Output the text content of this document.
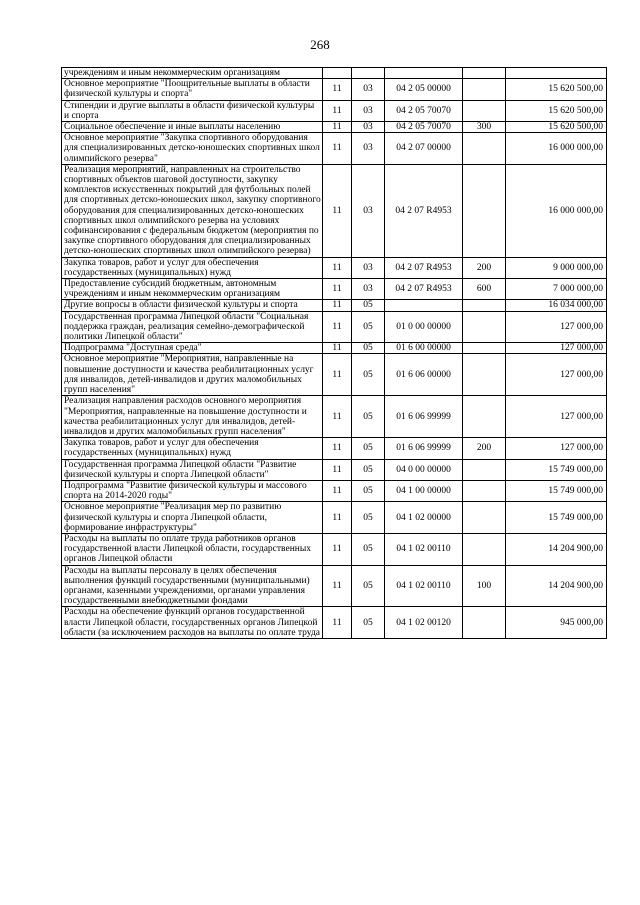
268
учреждениям и иным некоммерческим организациям					
Основное мероприятие "Поощрительные выплаты в области физической культуры и спорта"	11	03	04 2 05 00000		15 620 500,00
Стипендии и другие выплаты в области физической культуры и спорта	11	03	04 2 05 70070		15 620 500,00
Социальное обеспечение и иные выплаты населению	11	03	04 2 05 70070	300	15 620 500,00
Основное мероприятие "Закупка спортивного оборудования для специализированных детско-юношеских спортивных школ олимпийского резерва"	11	03	04 2 07 00000		16 000 000,00
Реализация мероприятий, направленных на строительство спортивных объектов шаговой доступности, закупку комплектов искусственных покрытий для футбольных полей для спортивных детско-юношеских школ, закупку спортивного оборудования для специализированных детско-юношеских спортивных школ олимпийского резерва на условиях софинансирования с федеральным бюджетом (мероприятия по закупке спортивного оборудования для специализированных детско-юношеских спортивных школ олимпийского резерва)	11	03	04 2 07 R4953		16 000 000,00
Закупка товаров, работ и услуг для обеспечения государственных (муниципальных) нужд	11	03	04 2 07 R4953	200	9 000 000,00
Предоставление субсидий бюджетным, автономным учреждениям и иным некоммерческим организациям	11	03	04 2 07 R4953	600	7 000 000,00
Другие вопросы в области физической культуры и спорта	11	05			16 034 000,00
Государственная программа Липецкой области "Социальная поддержка граждан, реализация семейно-демографической политики Липецкой области"	11	05	01 0 00 00000		127 000,00
Подпрограмма "Доступная среда"	11	05	01 6 00 00000		127 000,00
Основное мероприятие "Мероприятия, направленные на повышение доступности и качества реабилитационных услуг для инвалидов, детей-инвалидов и других маломобильных групп населения"	11	05	01 6 06 00000		127 000,00
Реализация направления расходов основного мероприятия "Мероприятия, направленные на повышение доступности и качества реабилитационных услуг для инвалидов, детей-инвалидов и других маломобильных групп населения"	11	05	01 6 06 99999		127 000,00
Закупка товаров, работ и услуг для обеспечения государственных (муниципальных) нужд	11	05	01 6 06 99999	200	127 000,00
Государственная программа Липецкой области "Развитие физической культуры и спорта Липецкой области"	11	05	04 0 00 00000		15 749 000,00
Подпрограмма "Развитие физической культуры и массового спорта на 2014-2020 годы"	11	05	04 1 00 00000		15 749 000,00
Основное мероприятие "Реализация мер по развитию физической культуры и спорта Липецкой области, формирование инфраструктуры"	11	05	04 1 02 00000		15 749 000,00
Расходы на выплаты по оплате труда работников органов государственной власти Липецкой области, государственных органов Липецкой области	11	05	04 1 02 00110		14 204 900,00
Расходы на выплаты персоналу в целях обеспечения выполнения функций государственными (муниципальными) органами, казенными учреждениями, органами управления государственными внебюджетными фондами	11	05	04 1 02 00110	100	14 204 900,00
Расходы на обеспечение функций органов государственной власти Липецкой области, государственных органов Липецкой области (за исключением расходов на выплаты по оплате труда	11	05	04 1 02 00120		945 000,00
